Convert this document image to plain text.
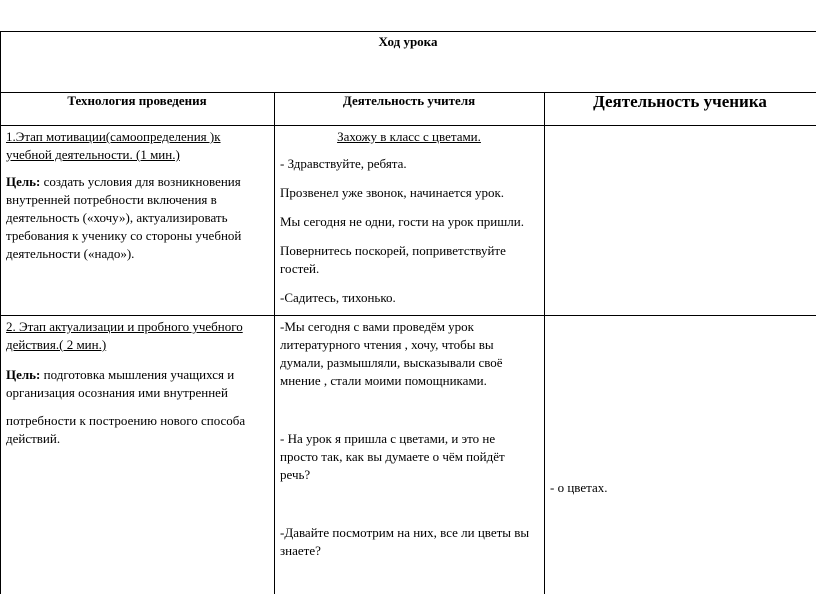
Ход урока
Технология проведения	Деятельность учителя	Деятельность ученика
1.Этап мотивации(самоопределения )к учебной деятельности. (1 мин.)
Цель: создать условия для возникновения внутренней потребности включения в деятельность («хочу»), актуализировать требования к ученику со стороны учебной деятельности («надо»).
Захожу в класс с цветами.
- Здравствуйте, ребята.
Прозвенел уже звонок, начинается урок.
Мы сегодня не одни, гости на урок пришли.
Повернитесь поскорей, поприветствуйте гостей.
-Садитесь, тихонько.
2. Этап актуализации и пробного учебного действия.( 2 мин.)
Цель: подготовка мышления учащихся и организация осознания ими внутренней
потребности к построению нового способа действий.
-Мы сегодня с вами проведём урок литературного чтения , хочу, чтобы вы думали, размышляли, высказывали своё мнение , стали моими помощниками.
- На урок я пришла с цветами, и это не просто так, как вы думаете о чём пойдёт речь?
-Давайте посмотрим на них, все ли цветы вы знаете?
- о цветах.
